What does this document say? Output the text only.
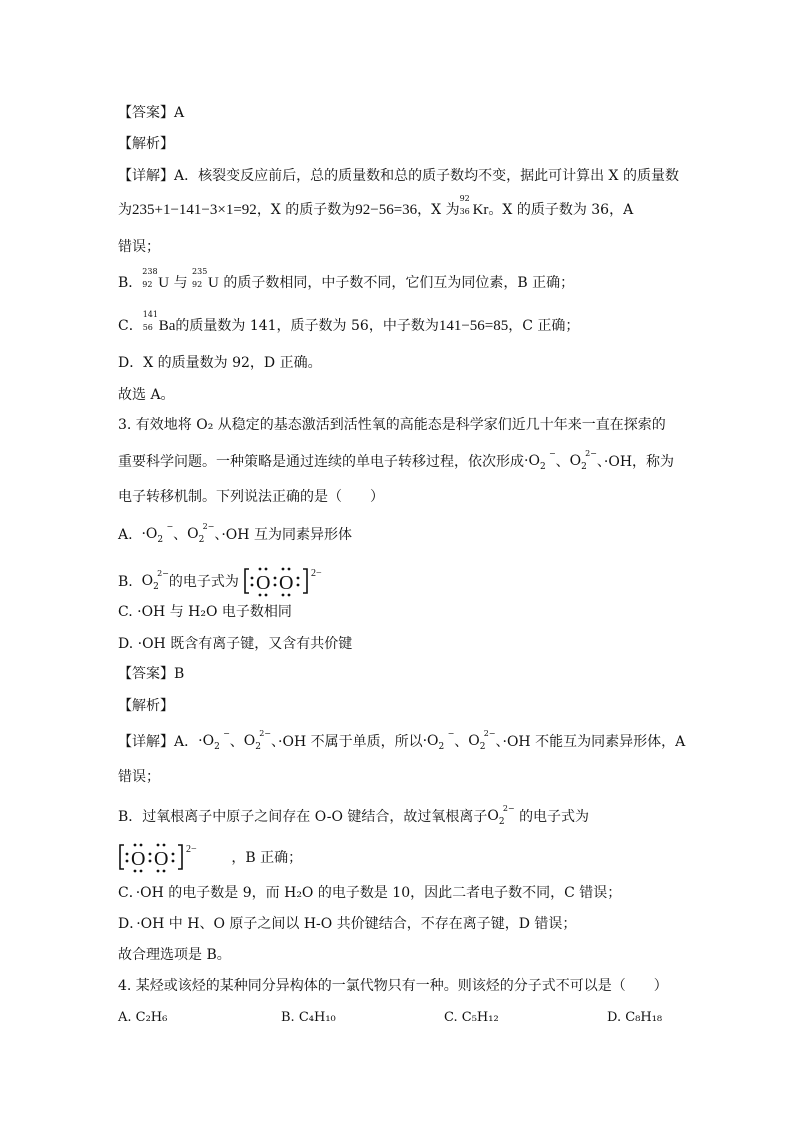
【答案】A
【解析】
【详解】A．核裂变反应前后，总的质量数和总的质子数均不变，据此可计算出 X 的质量数
为235+1−141−3×1=92，X 的质子数为92−56=36，X 为
92
36 Kr。X 的质子数为 36，A
错误；
B．
238
92 U 与
235
92 U 的质子数相同，中子数不同，它们互为同位素，B 正确；
C．
141
56 Ba的质量数为 141，质子数为 56，中子数为141−56=85，C 正确；
D．X 的质量数为 92，D 正确。
故选 A。
3. 有效地将 O₂ 从稳定的基态激活到活性氧的高能态是科学家们近几十年来一直在探索的
重要科学问题。一种策略是通过连续的单电子转移过程，依次形成$\cdot O_2$
−
、$O_2$
2−
、·OH，称为
电子转移机制。下列说法正确的是（　　）
A. $\cdot O_2$
−
、$O_2$
2−
、·OH 互为同素异形体
B. $O_2$
2−
的电子式为 O O 2−
C. ·OH 与 H₂O 电子数相同
D. ·OH 既含有离子键，又含有共价键
【答案】B
【解析】
【详解】A．$\cdot O_2$
−
、$O_2$
2−
、·OH 不属于单质，所以$\cdot O_2$
−
、$O_2$
2−
、·OH 不能互为同素异形体，A
错误；
B．过氧根离子中原子之间存在 O-O 键结合，故过氧根离子$O_2$
2−
的电子式为
O O 2−
，B 正确；
C．·OH 的电子数是 9，而 H₂O 的电子数是 10，因此二者电子数不同，C 错误；
D．·OH 中 H、O 原子之间以 H-O 共价键结合，不存在离子键，D 错误；
故合理选项是 B。
4. 某烃或该烃的某种同分异构体的一氯代物只有一种。则该烃的分子式不可以是（　　）
A. C₂H₆	B. C₄H₁₀	C. C₅H₁₂	D. C₈H₁₈
